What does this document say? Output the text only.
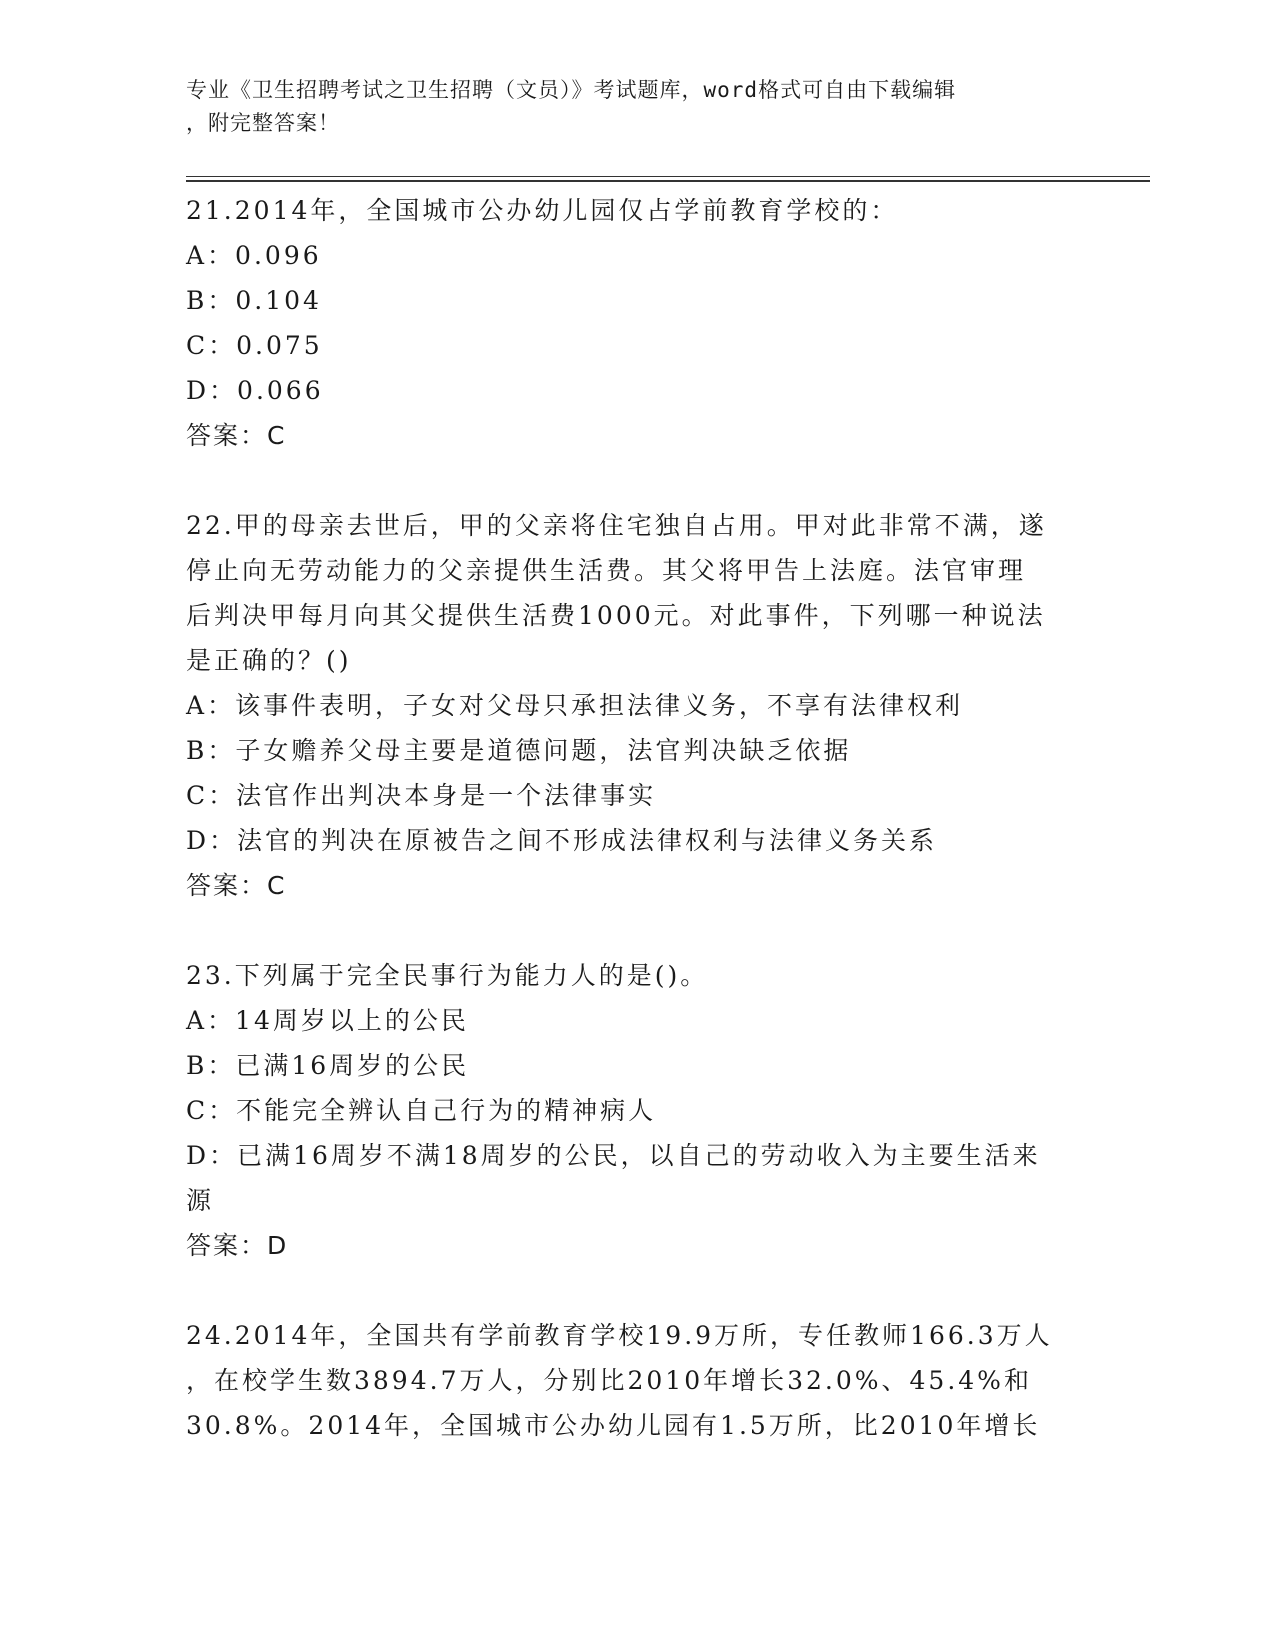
专业《卫生招聘考试之卫生招聘（文员）》考试题库，word格式可自由下载编辑
，附完整答案！
21.2014年，全国城市公办幼儿园仅占学前教育学校的：
A：0.096
B：0.104
C：0.075
D：0.066
答案：C
22.甲的母亲去世后，甲的父亲将住宅独自占用。甲对此非常不满，遂
停止向无劳动能力的父亲提供生活费。其父将甲告上法庭。法官审理
后判决甲每月向其父提供生活费1000元。对此事件，下列哪一种说法
是正确的？()
A：该事件表明，子女对父母只承担法律义务，不享有法律权利
B：子女赡养父母主要是道德问题，法官判决缺乏依据
C：法官作出判决本身是一个法律事实
D：法官的判决在原被告之间不形成法律权利与法律义务关系
答案：C
23.下列属于完全民事行为能力人的是()。
A：14周岁以上的公民
B：已满16周岁的公民
C：不能完全辨认自己行为的精神病人
D：已满16周岁不满18周岁的公民，以自己的劳动收入为主要生活来
源
答案：D
24.2014年，全国共有学前教育学校19.9万所，专任教师166.3万人
，在校学生数3894.7万人，分别比2010年增长32.0%、45.4%和
30.8%。2014年，全国城市公办幼儿园有1.5万所，比2010年增长
